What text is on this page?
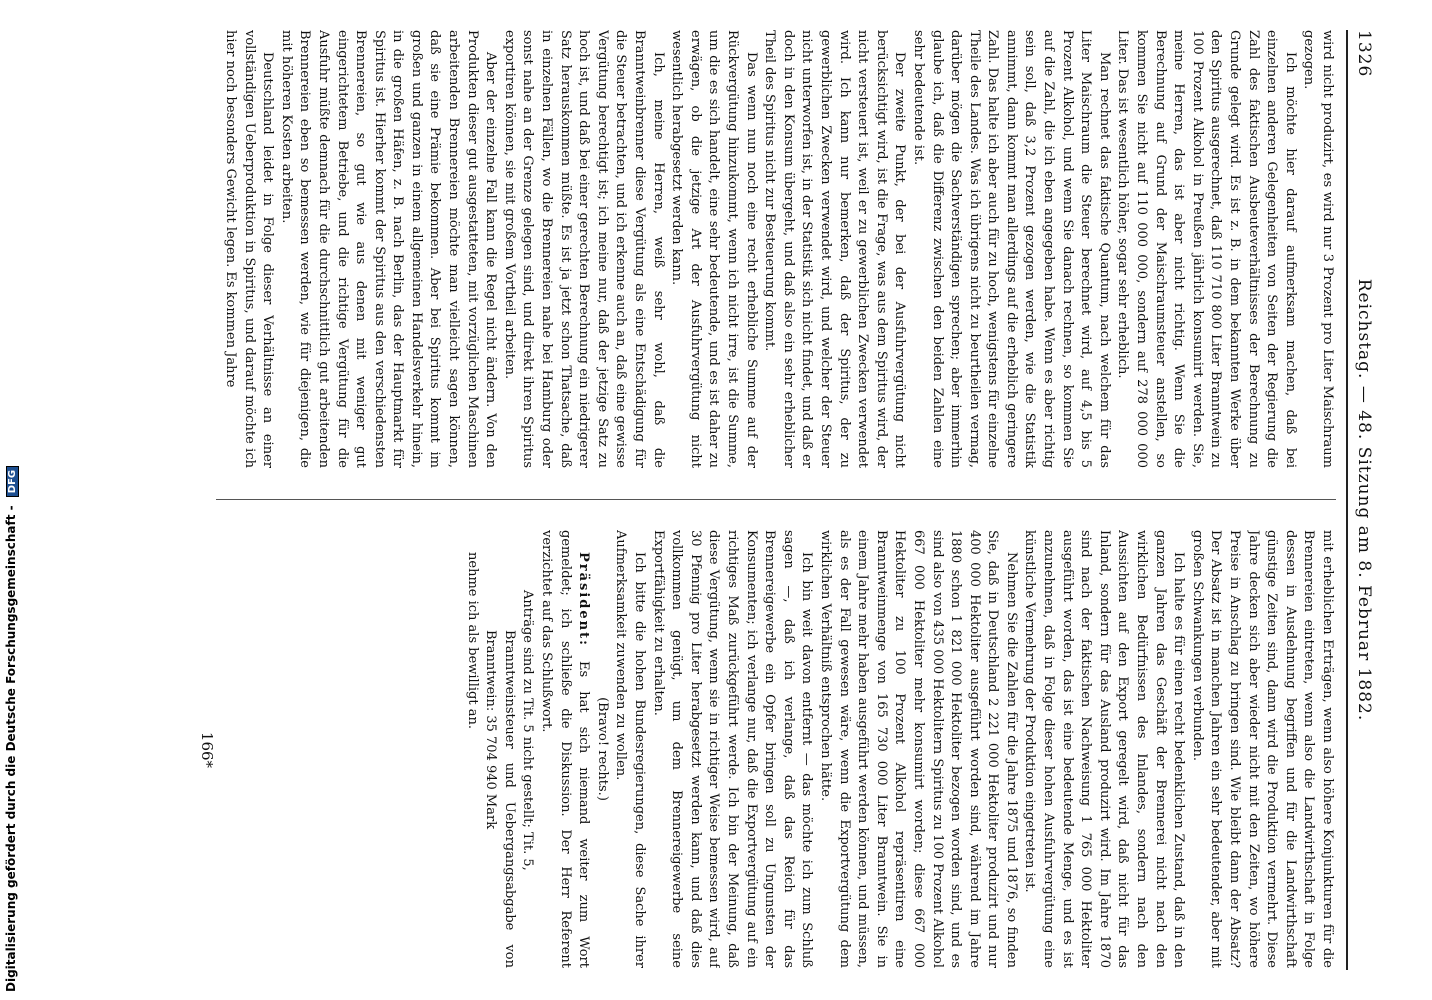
Digitalisierung gefördert durch die Deutsche Forschungsgemeinschaft - DFG
1326
Reichstag. — 48. Sitzung am 8. Februar 1882.

wird nicht produzirt, es wird nur 3 Prozent pro Liter Maischraum gezogen.

Ich möchte hier darauf aufmerksam machen, daß bei einzelnen anderen Gelegenheiten von Seiten der Regierung die Zahl des faktischen Ausbeuteverhältnisses der Berechnung zu Grunde gelegt wird. Es ist z. B. in dem bekannten Werke über den Spiritus ausgerechnet, daß 110 710 800 Liter Branntwein zu 100 Prozent Alkohol in Preußen jährlich konsumirt werden. Sie, meine Herren, das ist aber nicht richtig. Wenn Sie die Berechnung auf Grund der Maischraumsteuer anstellen, so kommen Sie nicht auf 110 000 000, sondern auf 278 000 000 Liter. Das ist wesentlich höher, sogar sehr erheblich.

Man rechnet das faktische Quantum, nach welchem für das Liter Maischraum die Steuer berechnet wird, auf 4,5 bis 5 Prozent Alkohol, und wenn Sie danach rechnen, so kommen Sie auf die Zahl, die ich eben angegeben habe. Wenn es aber richtig sein soll, daß 3,2 Prozent gezogen werden, wie die Statistik annimmt, dann kommt man allerdings auf die erheblich geringere Zahl. Das halte ich aber auch für zu hoch, wenigstens für einzelne Theile des Landes. Was ich übrigens nicht zu beurtheilen vermag, darüber mögen die Sachverständigen sprechen; aber immerhin glaube ich, daß die Differenz zwischen den beiden Zahlen eine sehr bedeutende ist.

Der zweite Punkt, der bei der Ausfuhrvergütung nicht berücksichtigt wird, ist die Frage, was aus dem Spiritus wird, der nicht versteuert ist, weil er zu gewerblichen Zwecken verwendet wird. Ich kann nur bemerken, daß der Spiritus, der zu gewerblichen Zwecken verwendet wird, und welcher der Steuer nicht unterworfen ist, in der Statistik sich nicht findet, und daß er doch in den Konsum übergeht, und daß also ein sehr erheblicher Theil des Spiritus nicht zur Besteuerung kommt.

Das wenn nun noch eine recht erhebliche Summe auf der Rückvergütung hinzukommt, wenn ich nicht irre, ist die Summe, um die es sich handelt, eine sehr bedeutende, und es ist daher zu erwägen, ob die jetzige Art der Ausfuhrvergütung nicht wesentlich herabgesetzt werden kann.

Ich, meine Herren, weiß sehr wohl, daß die Branntweinbrenner diese Vergütung als eine Entschädigung für die Steuer betrachten, und ich erkenne auch an, daß eine gewisse Vergütung berechtigt ist; ich meine nur, daß der jetzige Satz zu hoch ist, und daß bei einer gerechten Berechnung ein niedrigerer Satz herauskommen müßte. Es ist ja jetzt schon Thatsache, daß in einzelnen Fällen, wo die Brennereien nahe bei Hamburg oder sonst nahe an der Grenze gelegen sind, und direkt ihren Spiritus exportiren können, sie mit großem Vortheil arbeiten.

Aber der einzelne Fall kann die Regel nicht ändern. Von den Produkten dieser gut ausgestatteten, mit vorzüglichen Maschinen arbeitenden Brennereien möchte man vielleicht sagen können, daß sie eine Prämie bekommen. Aber bei Spiritus kommt im großen und ganzen in einem allgemeinen Handelsverkehr hinein, in die großen Häfen, z. B. nach Berlin, das der Hauptmarkt für Spiritus ist. Hierher kommt der Spiritus aus den verschiedensten Brennereien, so gut wie aus denen mit weniger gut eingerichtetem Betriebe, und die richtige Vergütung für die Ausfuhr müßte demnach für die durchschnittlich gut arbeitenden Brennereien eben so bemessen werden, wie für diejenigen, die mit höheren Kosten arbeiten.

Deutschland leidet in Folge dieser Verhältnisse an einer vollständigen Ueberproduktion in Spiritus, und darauf möchte ich hier noch besonders Gewicht legen. Es kommen Jahre

mit erheblichen Erträgen, wenn also höhere Konjunkturen für die Brennereien eintreten, wenn also die Landwirthschaft in Folge dessen in Ausdehnung begriffen und für die Landwirthschaft günstige Zeiten sind, dann wird die Produktion vermehrt. Diese Jahre decken sich aber wieder nicht mit den Zeiten, wo höhere Preise in Anschlag zu bringen sind. Wie bleibt dann der Absatz? Der Absatz ist in manchen Jahren ein sehr bedeutender, aber mit großen Schwankungen verbunden.

Ich halte es für einen recht bedenklichen Zustand, daß in den ganzen Jahren das Geschäft der Brennerei nicht nach den wirklichen Bedürfnissen des Inlandes, sondern nach den Aussichten auf den Export geregelt wird, daß nicht für das Inland, sondern für das Ausland produzirt wird. Im Jahre 1870 sind nach der faktischen Nachweisung 1 765 000 Hektoliter ausgeführt worden, das ist eine bedeutende Menge, und es ist anzunehmen, daß in Folge dieser hohen Ausfuhrvergütung eine künstliche Vermehrung der Produktion eingetreten ist.

Nehmen Sie die Zahlen für die Jahre 1875 und 1876, so finden Sie, daß in Deutschland 2 221 000 Hektoliter produzirt und nur 400 000 Hektoliter ausgeführt worden sind, während im Jahre 1880 schon 1 821 000 Hektoliter bezogen worden sind, und es sind also von 435 000 Hektolitern Spiritus zu 100 Prozent Alkohol 667 000 Hektoliter mehr konsumirt worden; diese 667 000 Hektoliter zu 100 Prozent Alkohol repräsentiren eine Branntweinmenge von 165 730 000 Liter Branntwein. Sie in einem Jahre mehr haben ausgeführt werden können, und müssen, als es der Fall gewesen wäre, wenn die Exportvergütung dem wirklichen Verhältniß entsprochen hätte.

Ich bin weit davon entfernt — das möchte ich zum Schluß sagen —, daß ich verlange, daß das Reich für das Brennereigewerbe ein Opfer bringen soll zu Ungunsten der Konsumenten; ich verlange nur, daß die Exportvergütung auf ein richtiges Maß zurückgeführt werde. Ich bin der Meinung, daß diese Vergütung, wenn sie in richtiger Weise bemessen wird, auf 30 Pfennig pro Liter herabgesetzt werden kann, und daß dies vollkommen genügt, um dem Brennereigewerbe seine Exportfähigkeit zu erhalten.

Ich bitte die hohen Bundesregierungen, diese Sache ihrer Aufmerksamkeit zuwenden zu wollen.

(Bravo! rechts.)

Präsident: Es hat sich niemand weiter zum Wort gemeldet; ich schließe die Diskussion. Der Herr Referent verzichtet auf das Schlußwort.

Anträge sind zu Tit. 5 nicht gestellt; Tit. 5,

Branntweinsteuer und Uebergangsabgabe von Branntwein: 35 704 940 Mark

nehme ich als bewilligt an.

166*
